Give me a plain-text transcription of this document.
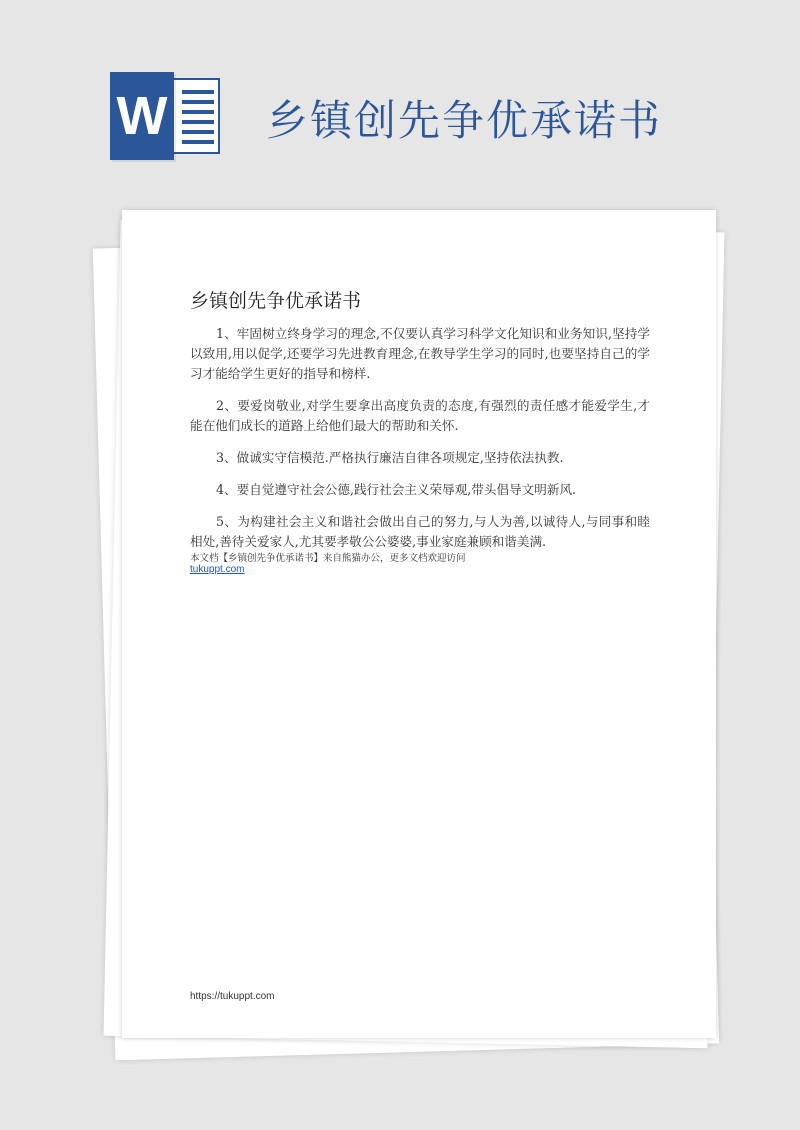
W 乡镇创先争优承诺书
乡镇创先争优承诺书

1、牢固树立终身学习的理念,不仅要认真学习科学文化知识和业务知识,坚持学以致用,用以促学,还要学习先进教育理念,在教导学生学习的同时,也要坚持自己的学习才能给学生更好的指导和榜样.

2、要爱岗敬业,对学生要拿出高度负责的态度,有强烈的责任感才能爱学生,才能在他们成长的道路上给他们最大的帮助和关怀.

3、做诚实守信模范.严格执行廉洁自律各项规定,坚持依法执教.

4、要自觉遵守社会公德,践行社会主义荣辱观,带头倡导文明新风.

5、为构建社会主义和谐社会做出自己的努力,与人为善,以诚待人,与同事和睦相处,善待关爱家人,尤其要孝敬公公婆婆,事业家庭兼顾和谐美满.

本文档【乡镇创先争优承诺书】来自熊猫办公，更多文档欢迎访问
tukuppt.com
https://tukuppt.com
